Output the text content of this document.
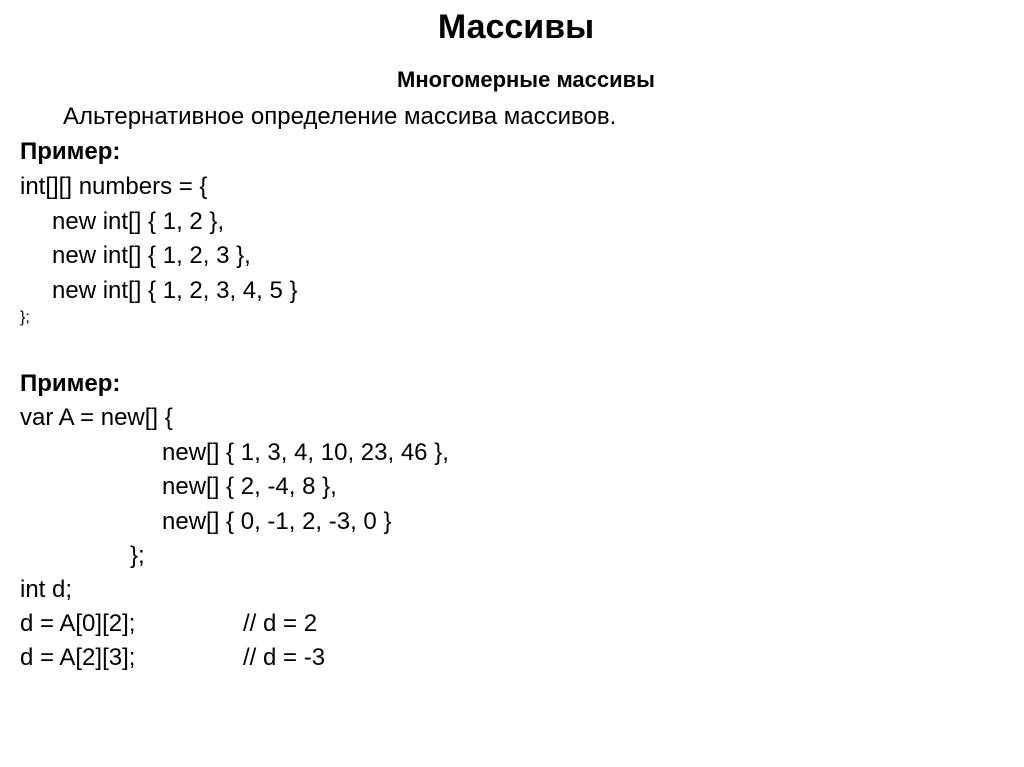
Массивы
Многомерные массивы
Альтернативное определение массива массивов.
Пример:
int[][] numbers = {
new int[] { 1, 2 },
new int[] { 1, 2, 3 },
new int[] { 1, 2, 3, 4, 5 }
};
Пример:
var A = new[] {
new[] { 1, 3, 4, 10, 23, 46 },
new[] { 2, -4, 8 },
new[] { 0, -1, 2, -3, 0 }
};
int d;
d = A[0][2];	// d = 2
d = A[2][3];	// d = -3
